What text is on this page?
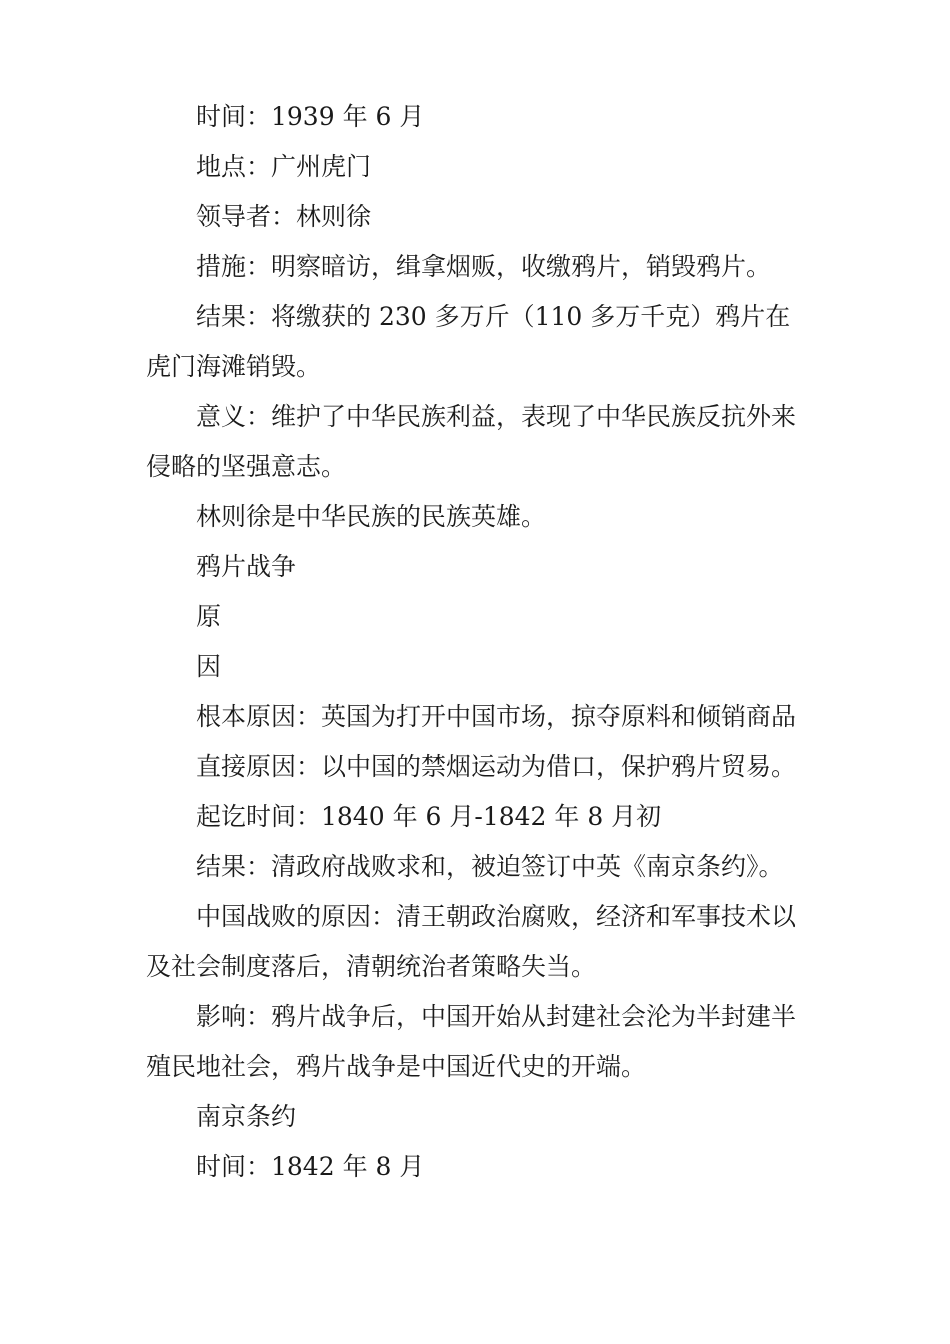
时间：1939 年 6 月

地点：广州虎门

领导者：林则徐

措施：明察暗访，缉拿烟贩，收缴鸦片，销毁鸦片。

结果：将缴获的 230 多万斤（110 多万千克）鸦片在虎门海滩销毁。

意义：维护了中华民族利益，表现了中华民族反抗外来侵略的坚强意志。

林则徐是中华民族的民族英雄。

鸦片战争

原

因

根本原因：英国为打开中国市场，掠夺原料和倾销商品

直接原因：以中国的禁烟运动为借口，保护鸦片贸易。

起讫时间：1840 年 6 月-1842 年 8 月初

结果：清政府战败求和，被迫签订中英《南京条约》。

中国战败的原因：清王朝政治腐败，经济和军事技术以及社会制度落后，清朝统治者策略失当。

影响：鸦片战争后，中国开始从封建社会沦为半封建半殖民地社会，鸦片战争是中国近代史的开端。

南京条约

时间：1842 年 8 月
